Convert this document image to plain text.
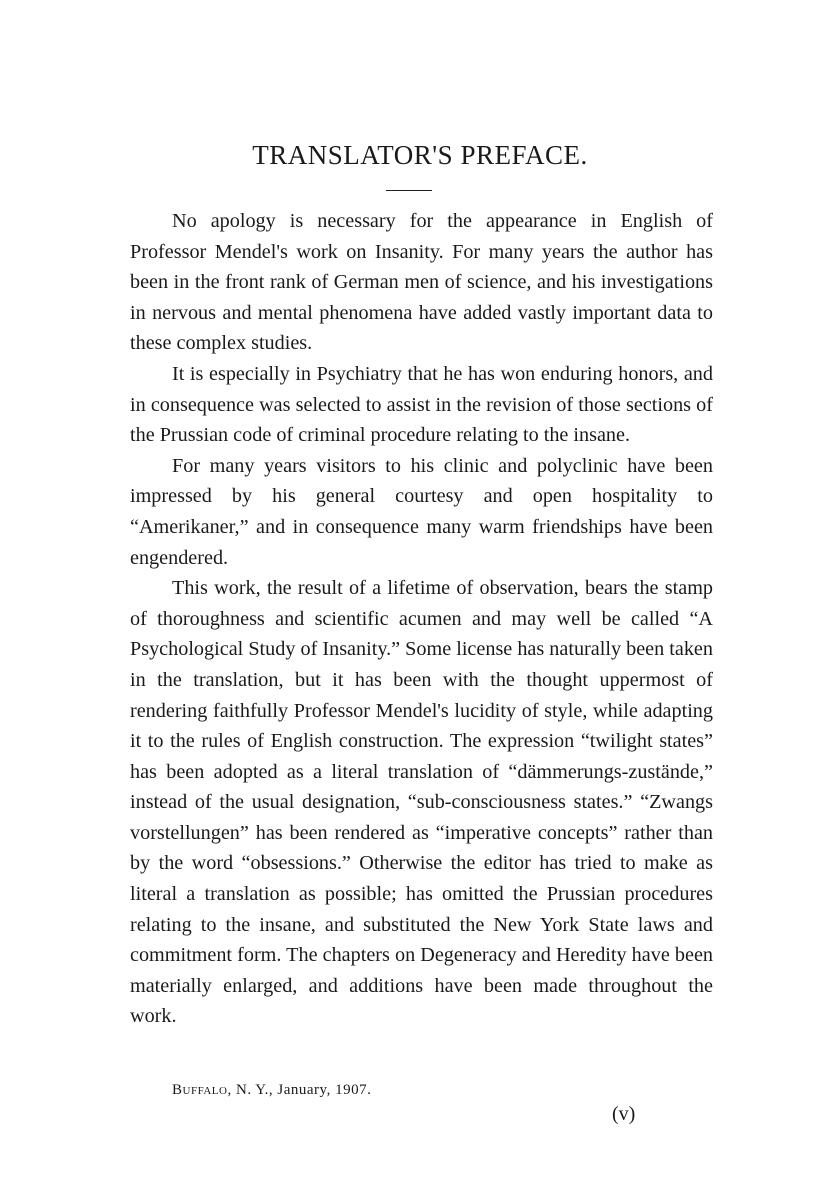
TRANSLATOR'S PREFACE.

No apology is necessary for the appearance in English of Professor Mendel's work on Insanity. For many years the author has been in the front rank of German men of science, and his investigations in nervous and mental phenomena have added vastly important data to these complex studies.

It is especially in Psychiatry that he has won enduring honors, and in consequence was selected to assist in the revision of those sections of the Prussian code of criminal procedure relating to the insane.

For many years visitors to his clinic and polyclinic have been impressed by his general courtesy and open hospitality to “Amerikaner,” and in consequence many warm friendships have been engendered.

This work, the result of a lifetime of observation, bears the stamp of thoroughness and scientific acumen and may well be called “A Psychological Study of Insanity.” Some license has naturally been taken in the translation, but it has been with the thought uppermost of rendering faithfully Professor Mendel's lucidity of style, while adapting it to the rules of English construction. The expression “twilight states” has been adopted as a literal translation of “dämmerungs-zustände,” instead of the usual designation, “sub-consciousness states.” “Zwangs vorstellungen” has been rendered as “imperative concepts” rather than by the word “obsessions.” Otherwise the editor has tried to make as literal a translation as possible; has omitted the Prussian procedures relating to the insane, and substituted the New York State laws and commitment form. The chapters on Degeneracy and Heredity have been materially enlarged, and additions have been made throughout the work.

Buffalo, N. Y., January, 1907.
(v)
